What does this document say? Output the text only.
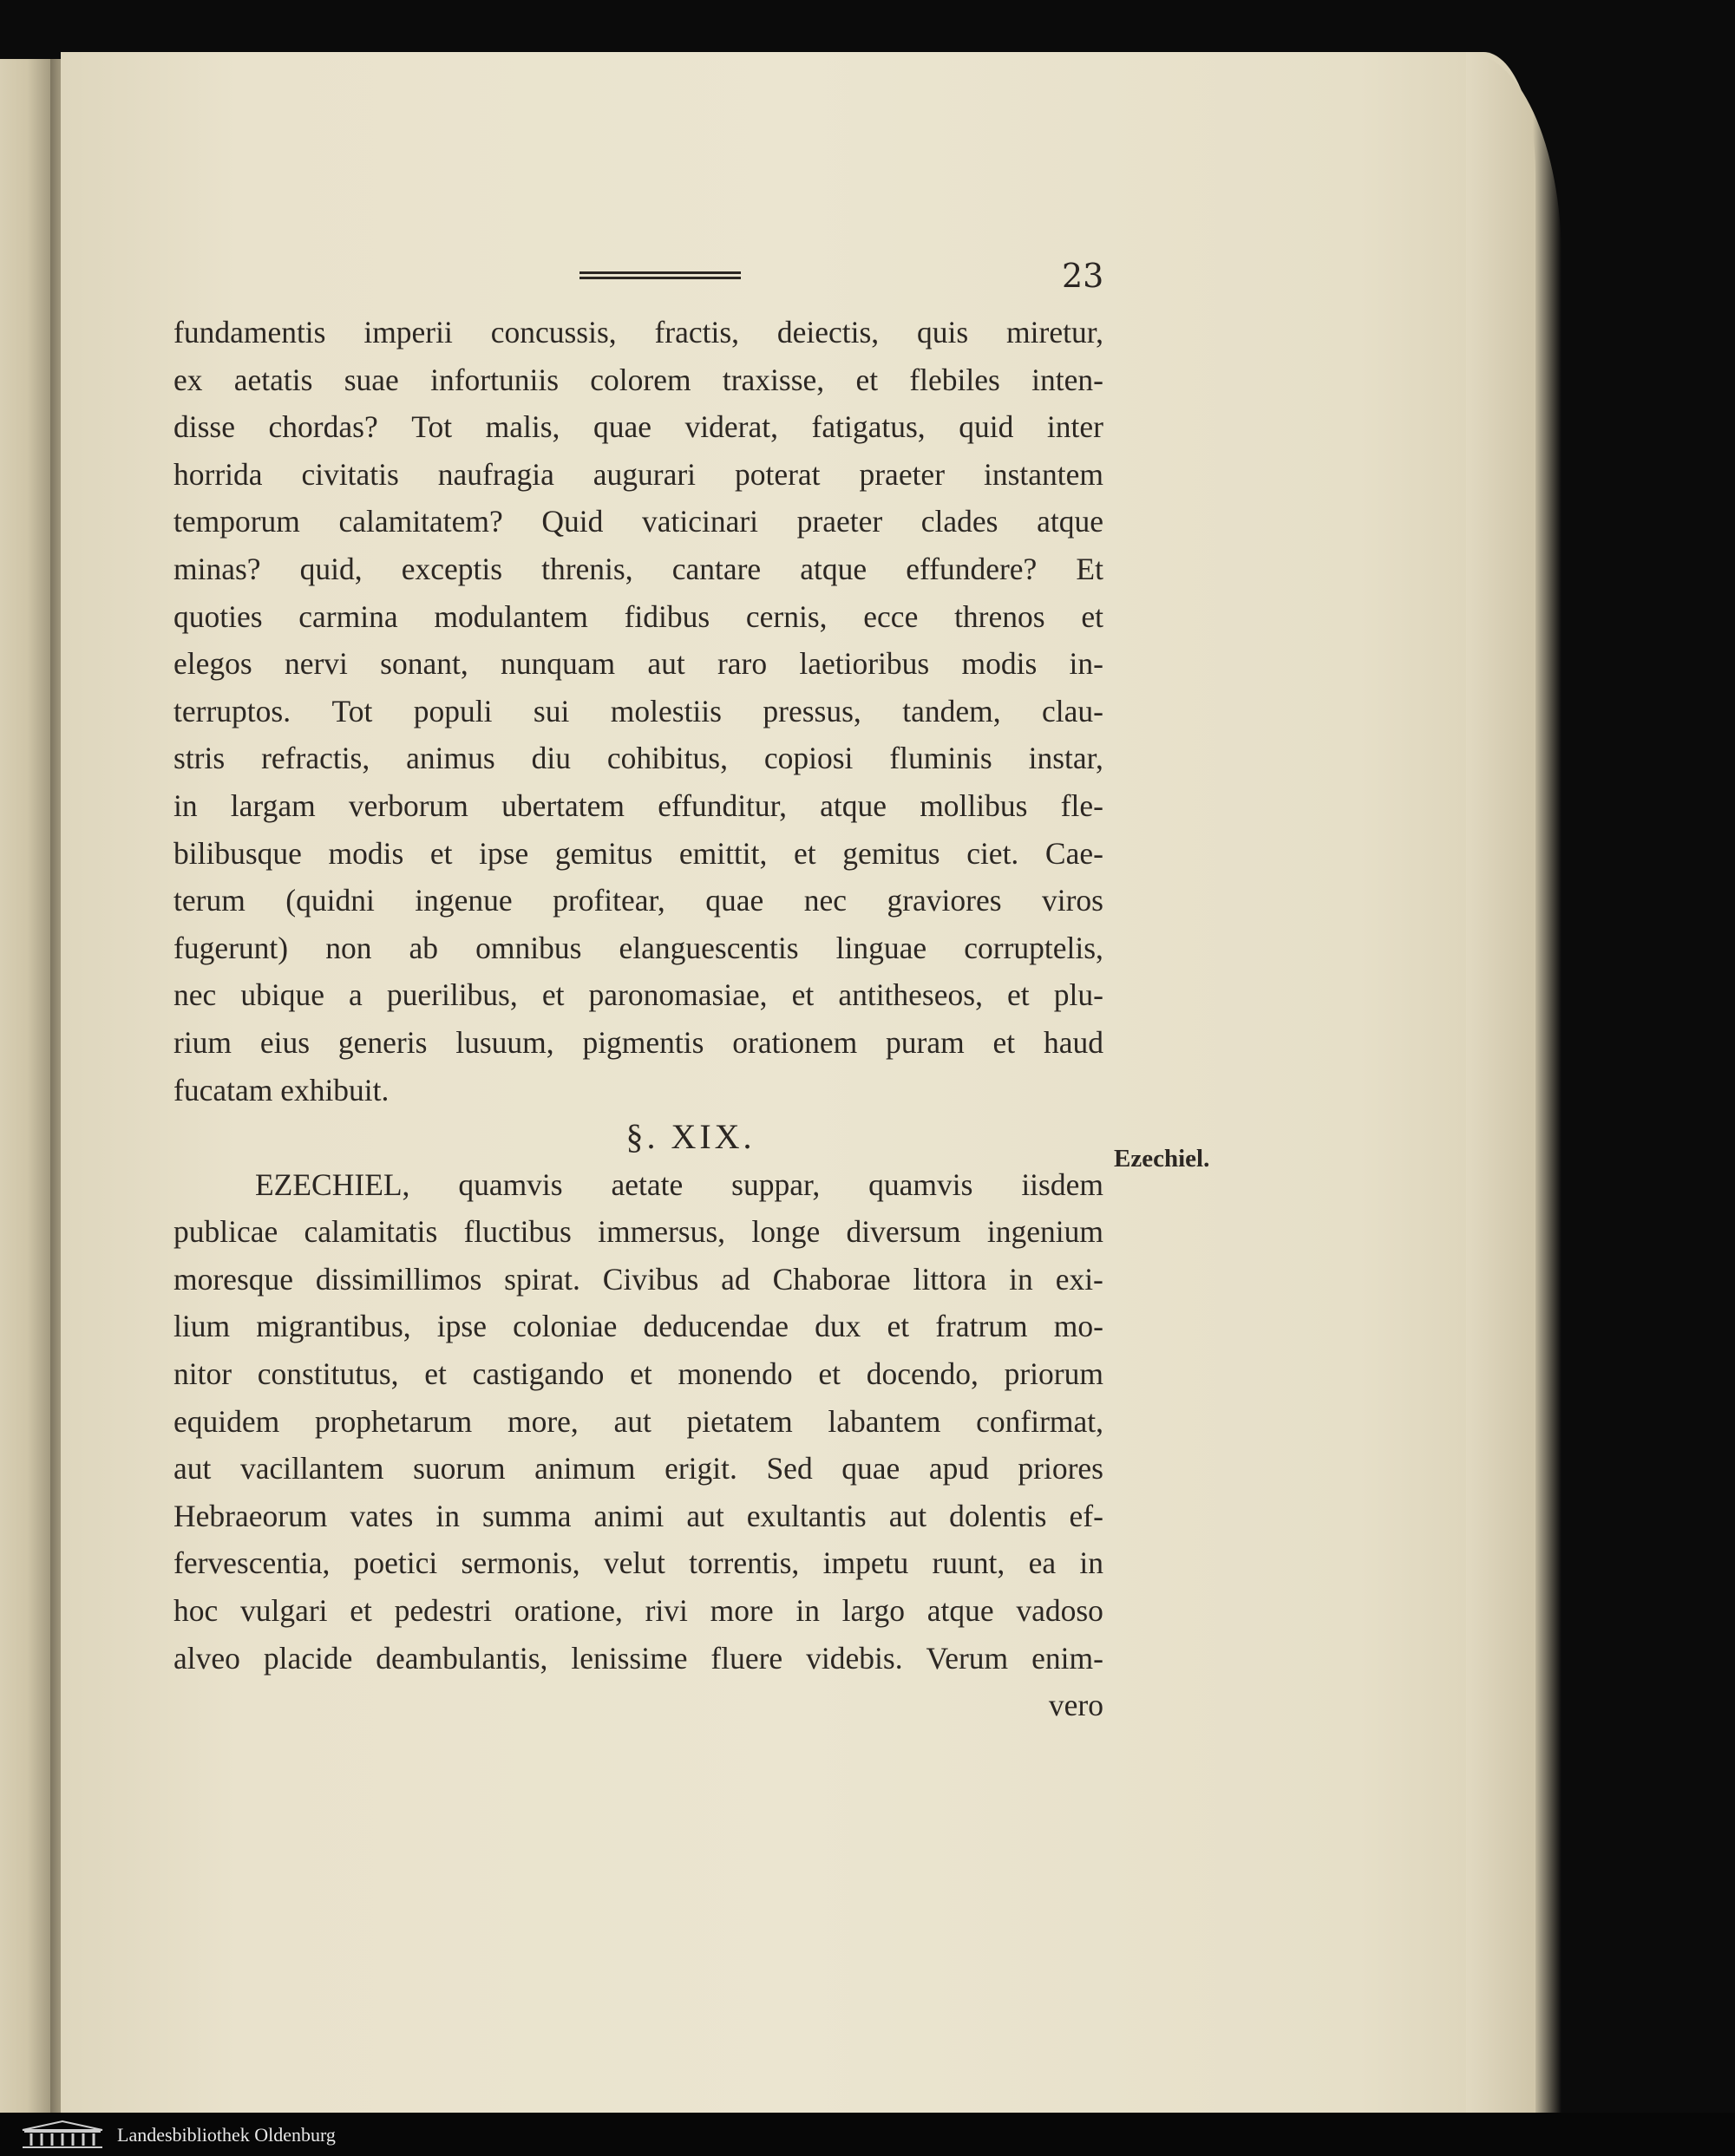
23
fundamentis imperii concussis, fractis, deiectis, quis miretur,
ex aetatis suae infortuniis colorem traxisse, et flebiles inten-
disse chordas? Tot malis, quae viderat, fatigatus, quid inter
horrida civitatis naufragia augurari poterat praeter instantem
temporum calamitatem? Quid vaticinari praeter clades atque
minas? quid, exceptis threnis, cantare atque effundere? Et
quoties carmina modulantem fidibus cernis, ecce threnos et
elegos nervi sonant, nunquam aut raro laetioribus modis in-
terruptos. Tot populi sui molestiis pressus, tandem, clau-
stris refractis, animus diu cohibitus, copiosi fluminis instar,
in largam verborum ubertatem effunditur, atque mollibus fle-
bilibusque modis et ipse gemitus emittit, et gemitus ciet. Cae-
terum (quidni ingenue profitear, quae nec graviores viros
fugerunt) non ab omnibus elanguescentis linguae corruptelis,
nec ubique a puerilibus, et paronomasiae, et antitheseos, et plu-
rium eius generis lusuum, pigmentis orationem puram et haud
fucatam exhibuit.
§. XIX.
EZECHIEL, quamvis aetate suppar, quamvis iisdem
publicae calamitatis fluctibus immersus, longe diversum ingenium
moresque dissimillimos spirat. Civibus ad Chaborae littora in exi-
lium migrantibus, ipse coloniae deducendae dux et fratrum mo-
nitor constitutus, et castigando et monendo et docendo, priorum
equidem prophetarum more, aut pietatem labantem confirmat,
aut vacillantem suorum animum erigit. Sed quae apud priores
Hebraeorum vates in summa animi aut exultantis aut dolentis ef-
fervescentia, poetici sermonis, velut torrentis, impetu ruunt, ea in
hoc vulgari et pedestri oratione, rivi more in largo atque vadoso
alveo placide deambulantis, lenissime fluere videbis. Verum enim-
vero
Ezechiel.
Landesbibliothek Oldenburg
